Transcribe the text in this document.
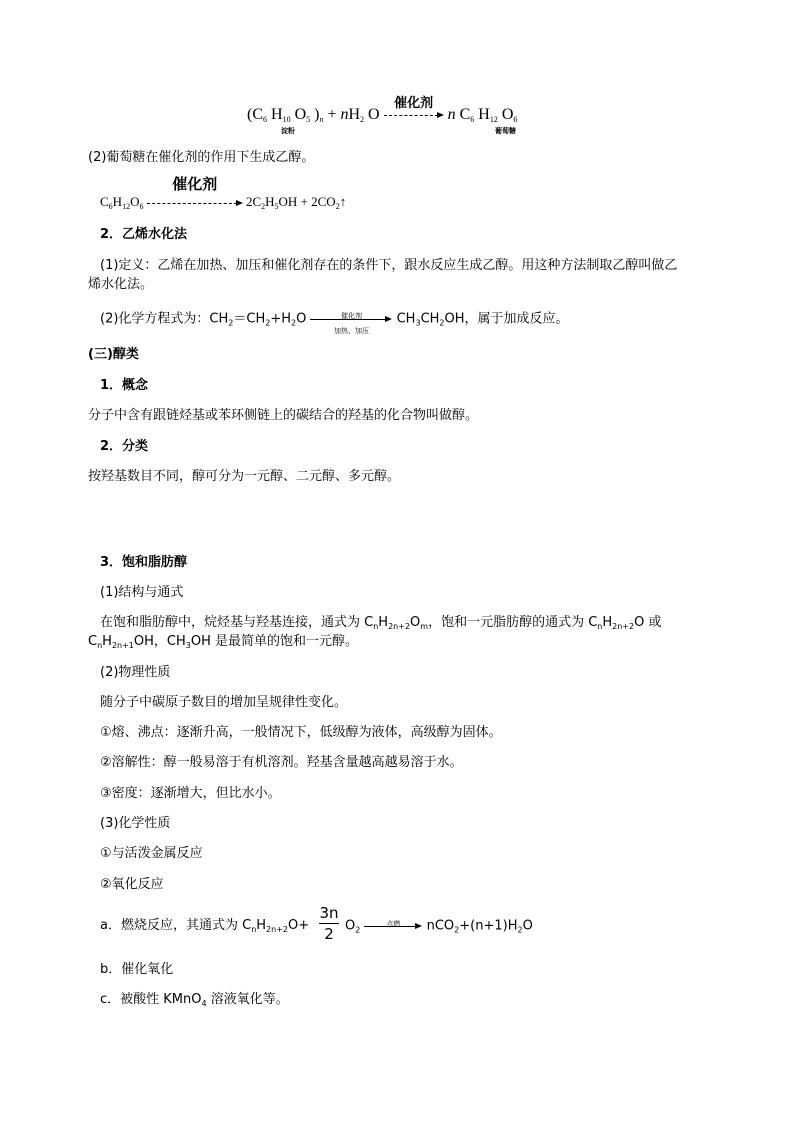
($C_6$ $H_{10}$ $O_5$ )$_n + nH_2$ O
催化剂
n $C_6$ $H_{12}$ $O_6$
淀粉	葡萄糖
(2)葡萄糖在催化剂的作用下生成乙醇。
$C_6H_{12}O_6$
催化剂
$2C_2H_5OH$ + $2CO_2↑$
2．乙烯水化法
(1)定义：乙烯在加热、加压和催化剂存在的条件下，跟水反应生成乙醇。用这种方法制取乙醇叫做乙
烯水化法。
(2)化学方程式为：$CH_2=CH_2+H_2O$	催化剂
加热、加压
$CH_3CH_2OH$，属于加成反应。
(三)醇类
1．概念
分子中含有跟链烃基或苯环侧链上的碳结合的羟基的化合物叫做醇。
2．分类
按羟基数目不同，醇可分为一元醇、二元醇、多元醇。
3．饱和脂肪醇
(1)结构与通式
在饱和脂肪醇中，烷烃基与羟基连接，通式为 $C_nH_{2n+2}O_m$，饱和一元脂肪醇的通式为 $C_nH_{2n+2}O$ 或
$C_nH_{2n+1}OH$，$CH_3OH$ 是最简单的饱和一元醇。
(2)物理性质
随分子中碳原子数目的增加呈规律性变化。
①熔、沸点：逐渐升高，一般情况下，低级醇为液体，高级醇为固体。
②溶解性：醇一般易溶于有机溶剂。羟基含量越高越易溶于水。
③密度：逐渐增大，但比水小。
(3)化学性质
①与活泼金属反应
②氧化反应
a．燃烧反应，其通式为 $C_nH_{2n+2}O+$
3n
2 $O_2$
点燃	$nCO_2+(n+1)H_2O$
b．催化氧化
c．被酸性 KMnO$_4$ 溶液氧化等。
